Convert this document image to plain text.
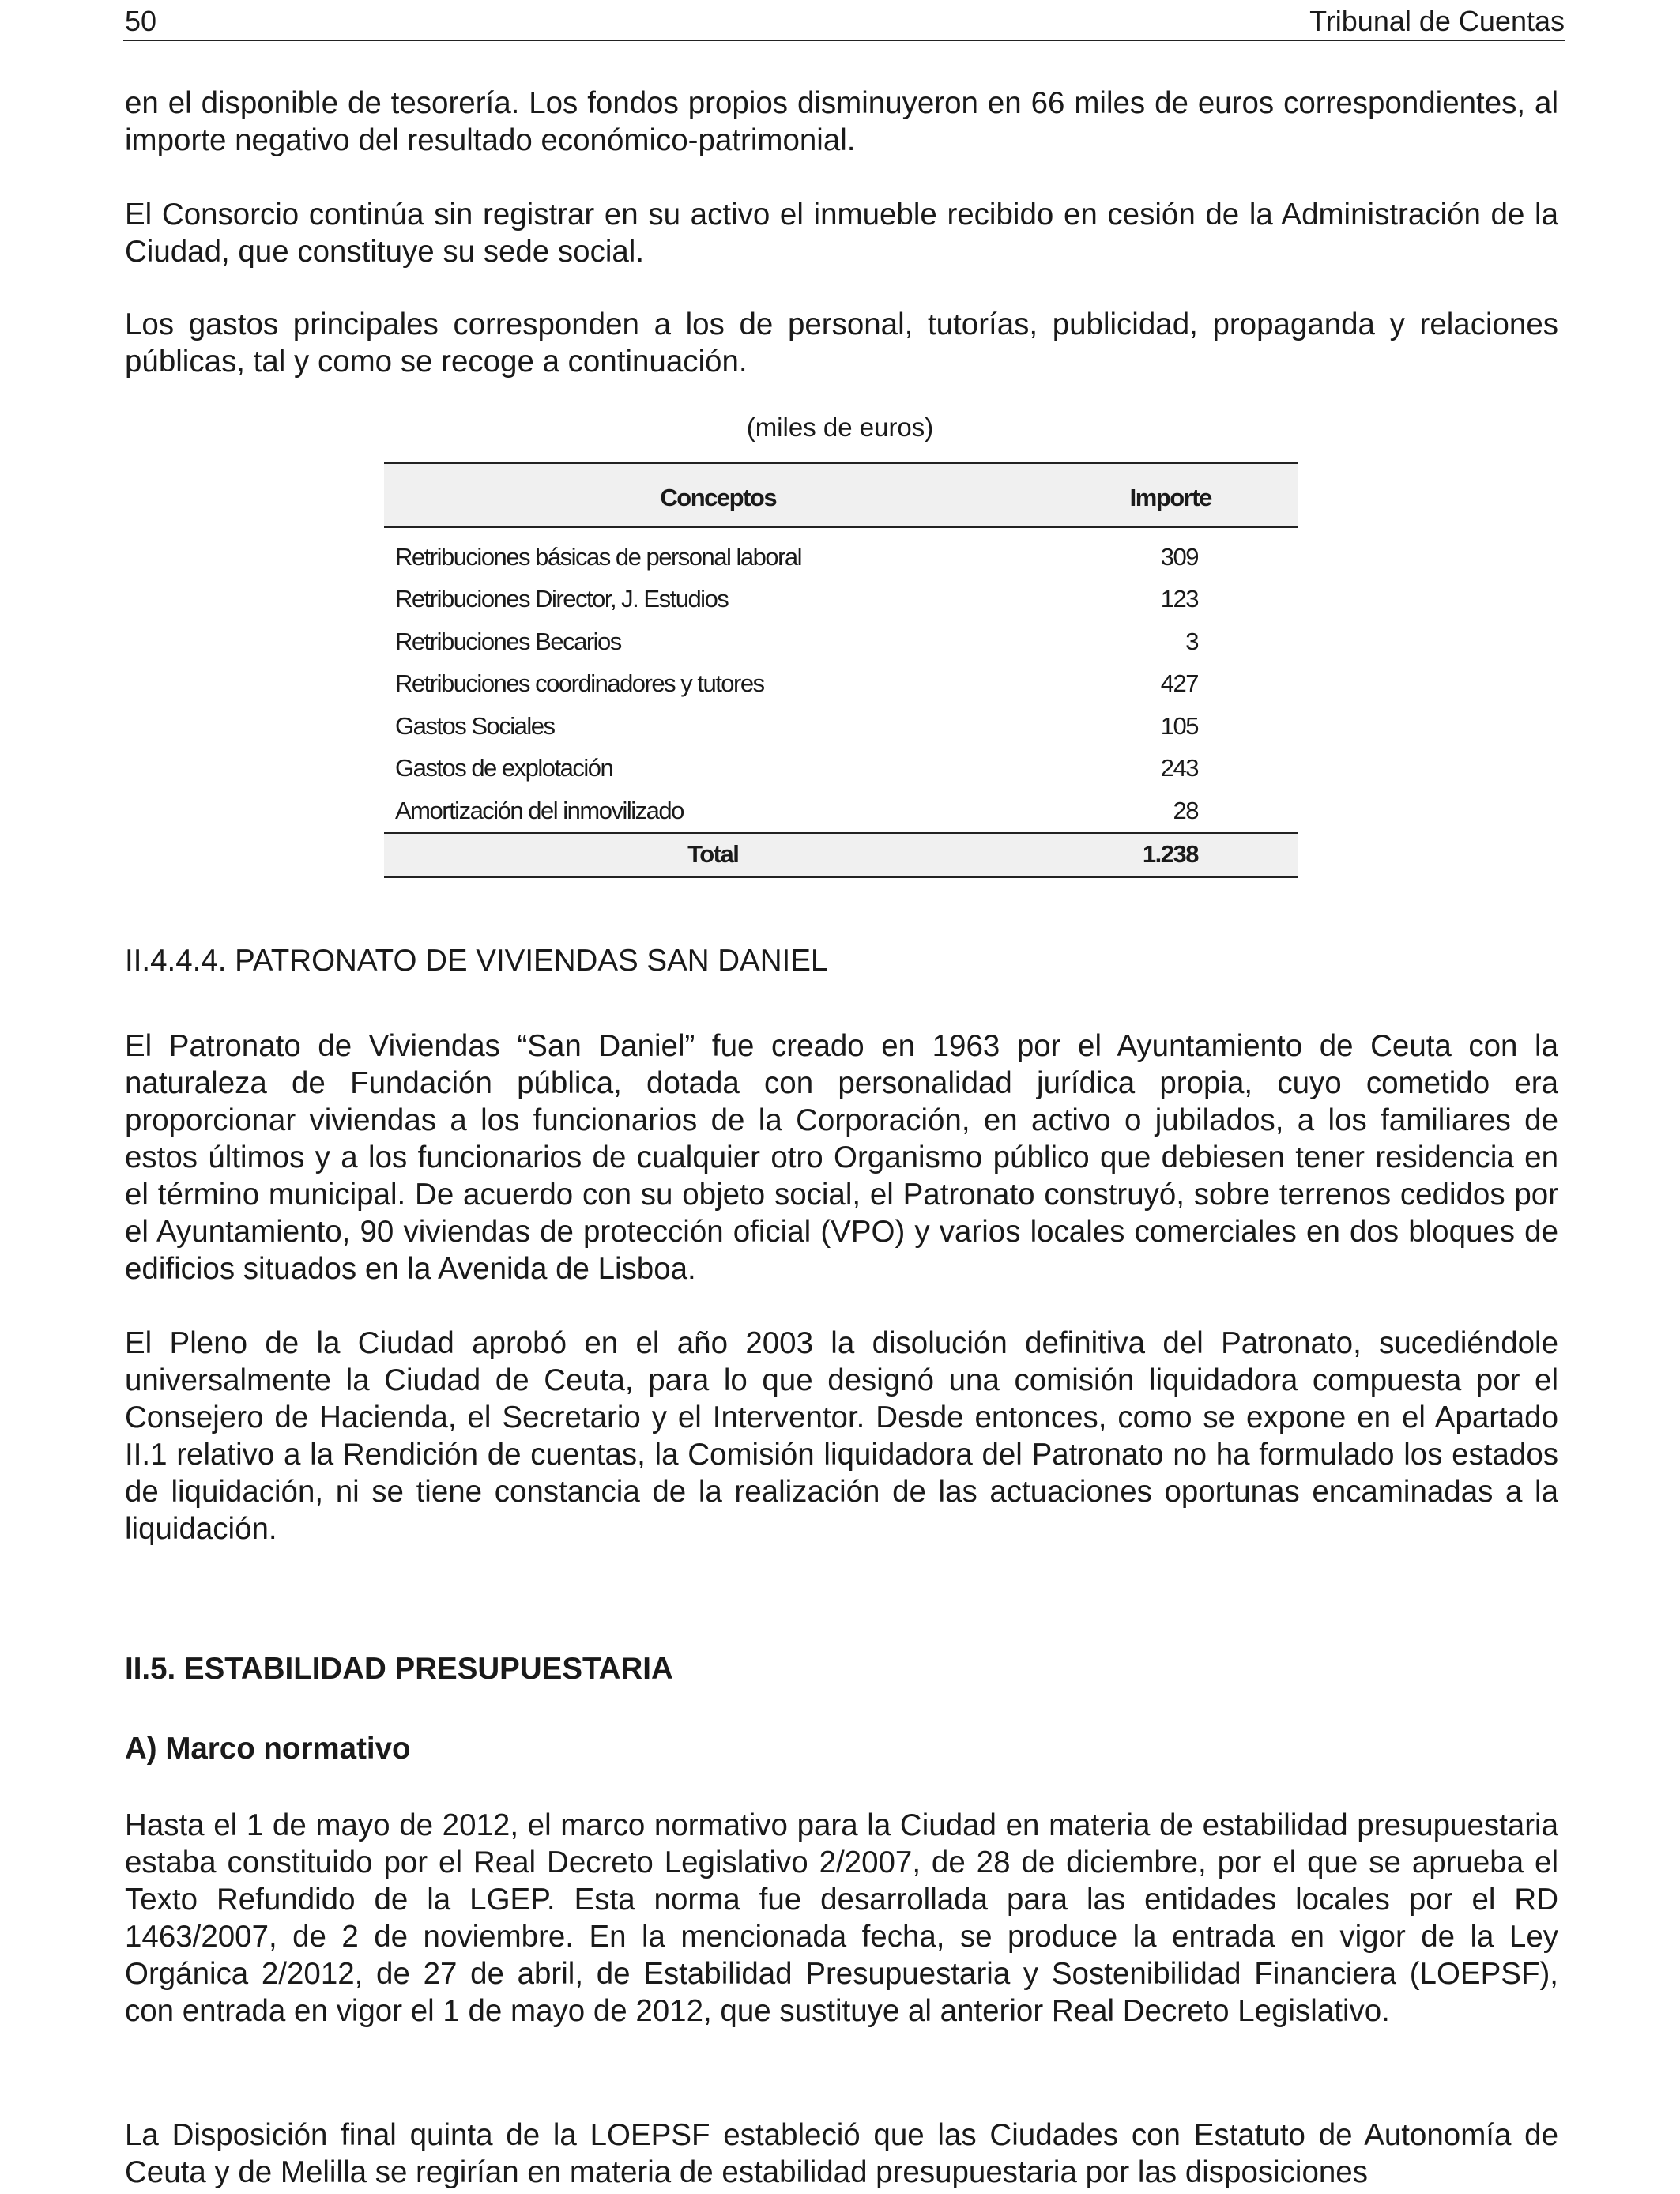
50	Tribunal de Cuentas

en el disponible de tesorería. Los fondos propios disminuyeron en 66 miles de euros correspondientes, al importe negativo del resultado económico-patrimonial.

El Consorcio continúa sin registrar en su activo el inmueble recibido en cesión de la Administración de la Ciudad, que constituye su sede social.

Los gastos principales corresponden a los de personal, tutorías, publicidad, propaganda y relaciones públicas, tal y como se recoge a continuación.

(miles de euros)
Conceptos	Importe

Retribuciones básicas de personal laboral	309
Retribuciones Director, J. Estudios	123
Retribuciones Becarios	3
Retribuciones coordinadores y tutores	427
Gastos Sociales	105
Gastos de explotación	243
Amortización del inmovilizado	28
Total	1.238
II.4.4.4. PATRONATO DE VIVIENDAS SAN DANIEL

El Patronato de Viviendas “San Daniel” fue creado en 1963 por el Ayuntamiento de Ceuta con la naturaleza de Fundación pública, dotada con personalidad jurídica propia, cuyo cometido era proporcionar viviendas a los funcionarios de la Corporación, en activo o jubilados, a los familiares de estos últimos y a los funcionarios de cualquier otro Organismo público que debiesen tener residencia en el término municipal. De acuerdo con su objeto social, el Patronato construyó, sobre terrenos cedidos por el Ayuntamiento, 90 viviendas de protección oficial (VPO) y varios locales comerciales en dos bloques de edificios situados en la Avenida de Lisboa.

El Pleno de la Ciudad aprobó en el año 2003 la disolución definitiva del Patronato, sucediéndole universalmente la Ciudad de Ceuta, para lo que designó una comisión liquidadora compuesta por el Consejero de Hacienda, el Secretario y el Interventor. Desde entonces, como se expone en el Apartado II.1 relativo a la Rendición de cuentas, la Comisión liquidadora del Patronato no ha formulado los estados de liquidación, ni se tiene constancia de la realización de las actuaciones oportunas encaminadas a la liquidación.

II.5. ESTABILIDAD PRESUPUESTARIA
A) Marco normativo

Hasta el 1 de mayo de 2012, el marco normativo para la Ciudad en materia de estabilidad presupuestaria estaba constituido por el Real Decreto Legislativo 2/2007, de 28 de diciembre, por el que se aprueba el Texto Refundido de la LGEP. Esta norma fue desarrollada para las entidades locales por el RD 1463/2007, de 2 de noviembre. En la mencionada fecha, se produce la entrada en vigor de la Ley Orgánica 2/2012, de 27 de abril, de Estabilidad Presupuestaria y Sostenibilidad Financiera (LOEPSF), con entrada en vigor el 1 de mayo de 2012, que sustituye al anterior Real Decreto Legislativo.

La Disposición final quinta de la LOEPSF estableció que las Ciudades con Estatuto de Autonomía de Ceuta y de Melilla se regirían en materia de estabilidad presupuestaria por las disposiciones
